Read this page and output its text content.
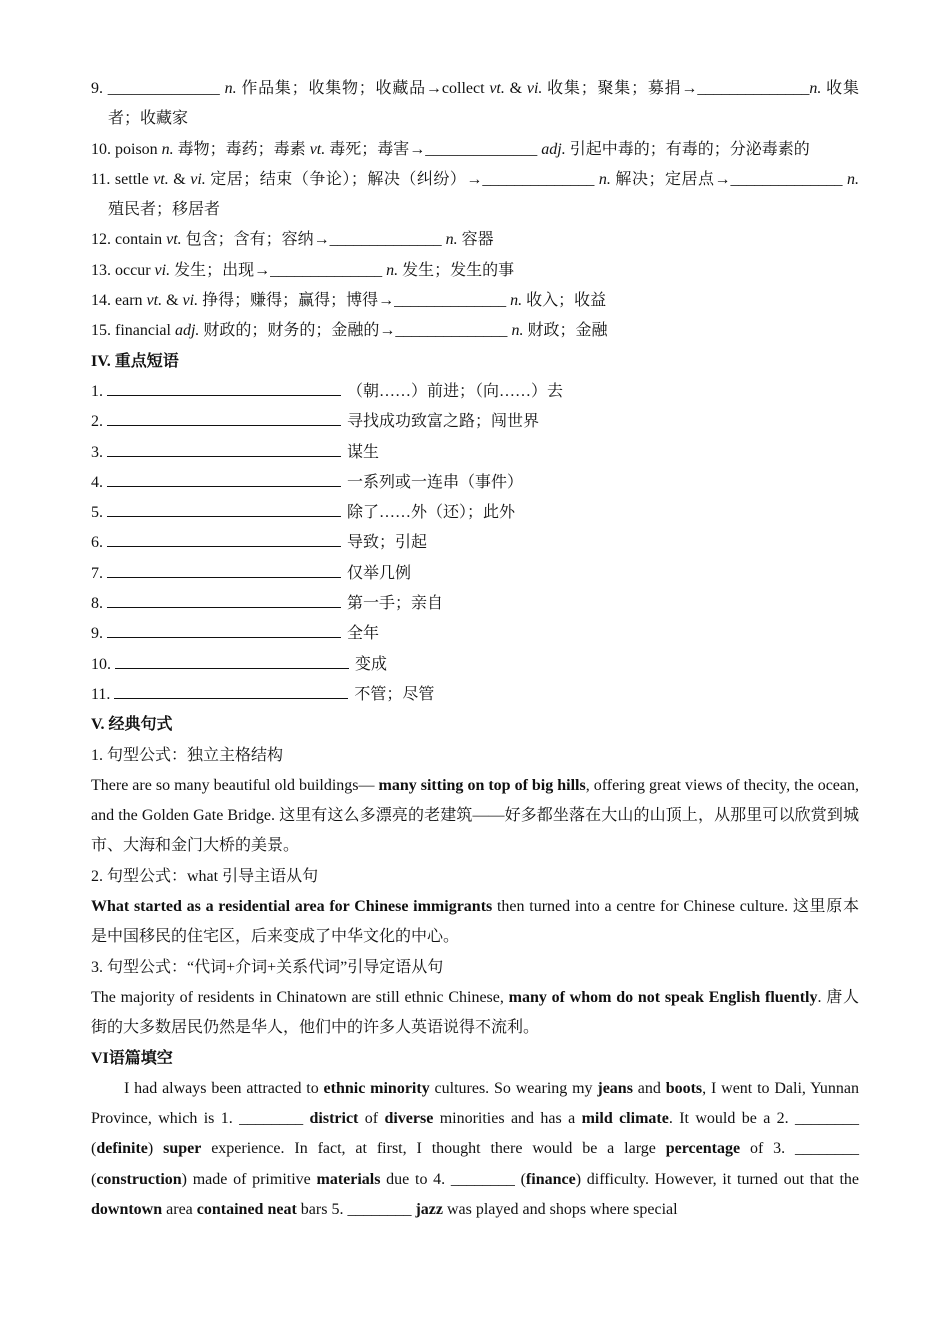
9. ______________ n. 作品集；收集物；收藏品→collect vt. & vi. 收集；聚集；募捐→______________n. 收集者；收藏家

10. poison n. 毒物；毒药；毒素 vt. 毒死；毒害→______________ adj. 引起中毒的；有毒的；分泌毒素的

11. settle vt. & vi. 定居；结束（争论）；解决（纠纷）→______________ n. 解决；定居点→______________ n. 殖民者；移居者

12. contain vt. 包含；含有；容纳→______________ n. 容器

13. occur vi. 发生；出现→______________ n. 发生；发生的事

14. earn vt. & vi. 挣得；赚得；赢得；博得→______________ n. 收入；收益

15. financial adj. 财政的；财务的；金融的→______________ n. 财政；金融

IV. 重点短语

1.	（朝……）前进；（向……）去

2.	寻找成功致富之路；闯世界

3.	谋生

4.	一系列或一连串（事件）

5.	除了……外（还）；此外

6.	导致；引起

7.	仅举几例

8.	第一手；亲自

9.	全年

10.	变成

11.	不管；尽管

V. 经典句式

1. 句型公式：独立主格结构

There are so many beautiful old buildings— many sitting on top of big hills, offering great views of thecity, the ocean, and the Golden Gate Bridge. 这里有这么多漂亮的老建筑——好多都坐落在大山的山顶上，从那里可以欣赏到城市、大海和金门大桥的美景。

2. 句型公式：what 引导主语从句

What started as a residential area for Chinese immigrants then turned into a centre for Chinese culture. 这里原本是中国移民的住宅区，后来变成了中华文化的中心。

3. 句型公式：“代词+介词+关系代词”引导定语从句

The majority of residents in Chinatown are still ethnic Chinese, many of whom do not speak English fluently. 唐人街的大多数居民仍然是华人，他们中的许多人英语说得不流利。

VI语篇填空

I had always been attracted to ethnic minority cultures. So wearing my jeans and boots, I went to Dali, Yunnan Province, which is 1. ________ district of diverse minorities and has a mild climate. It would be a 2. ________ (definite) super experience. In fact, at first, I thought there would be a large percentage of 3. ________ (construction) made of primitive materials due to 4. ________ (finance) difficulty. However, it turned out that the downtown area contained neat bars 5. ________ jazz was played and shops where special
